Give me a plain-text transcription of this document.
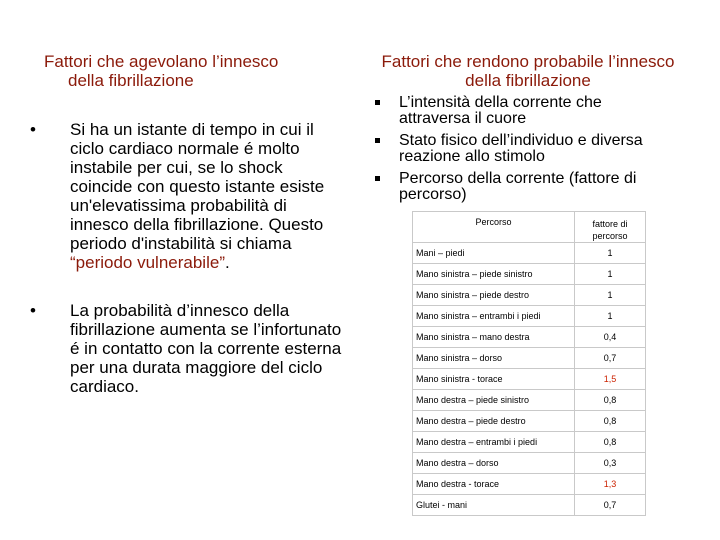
Fattori che agevolano l’innesco
della fibrillazione
Fattori che rendono probabile l’innesco della fibrillazione
• Si ha un istante di tempo in cui il ciclo cardiaco normale é molto instabile per cui, se lo shock coincide con questo istante esiste un'elevatissima probabilità di innesco della fibrillazione. Questo periodo d'instabilità si chiama “periodo vulnerabile”.
• La probabilità d’innesco della fibrillazione aumenta se l’infortunato é in contatto con la corrente esterna per una durata maggiore del ciclo cardiaco.
L’intensità della corrente che attraversa il cuore
Stato fisico dell’individuo e diversa reazione allo stimolo
Percorso della corrente (fattore di percorso)
Percorso	fattore di percorso
Mani – piedi	1
Mano sinistra – piede sinistro	1
Mano sinistra – piede destro	1
Mano sinistra – entrambi i piedi	1
Mano sinistra – mano destra	0,4
Mano sinistra – dorso	0,7
Mano sinistra - torace	1,5
Mano destra – piede sinistro	0,8
Mano destra – piede destro	0,8
Mano destra – entrambi i piedi	0,8
Mano destra – dorso	0,3
Mano destra - torace	1,3
Glutei - mani	0,7
